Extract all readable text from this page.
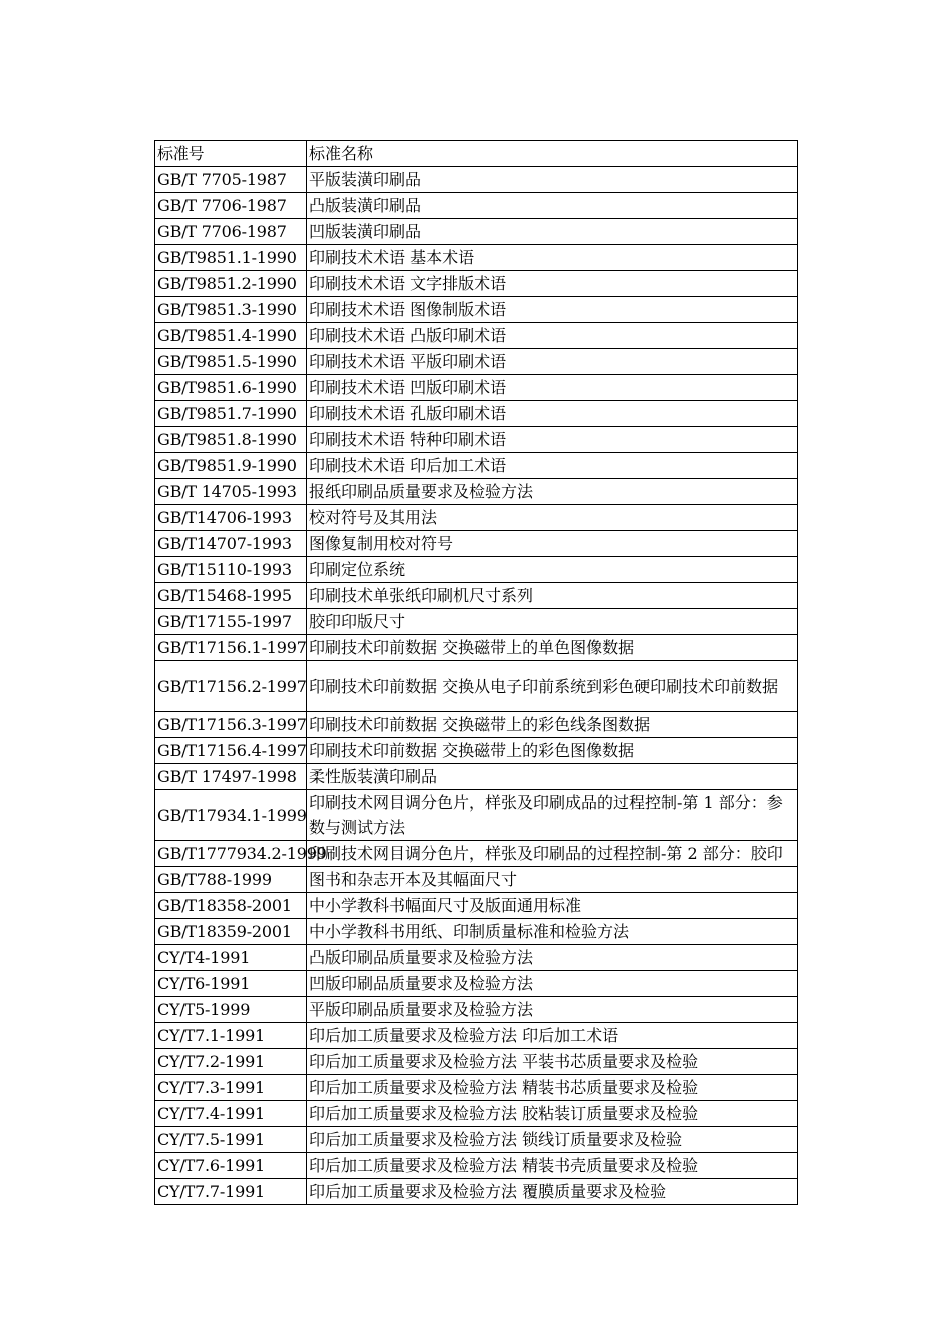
标准号	标准名称
GB/T 7705-1987	平版装潢印刷品
GB/T 7706-1987	凸版装潢印刷品
GB/T 7706-1987	凹版装潢印刷品
GB/T9851.1-1990	印刷技术术语 基本术语
GB/T9851.2-1990	印刷技术术语 文字排版术语
GB/T9851.3-1990	印刷技术术语 图像制版术语
GB/T9851.4-1990	印刷技术术语 凸版印刷术语
GB/T9851.5-1990	印刷技术术语 平版印刷术语
GB/T9851.6-1990	印刷技术术语 凹版印刷术语
GB/T9851.7-1990	印刷技术术语 孔版印刷术语
GB/T9851.8-1990	印刷技术术语 特种印刷术语
GB/T9851.9-1990	印刷技术术语 印后加工术语
GB/T 14705-1993	报纸印刷品质量要求及检验方法
GB/T14706-1993	校对符号及其用法
GB/T14707-1993	图像复制用校对符号
GB/T15110-1993	印刷定位系统
GB/T15468-1995	印刷技术单张纸印刷机尺寸系列
GB/T17155-1997	胶印印版尺寸
GB/T17156.1-1997	印刷技术印前数据 交换磁带上的单色图像数据
GB/T17156.2-1997	印刷技术印前数据 交换从电子印前系统到彩色硬印刷技术印前数据
GB/T17156.3-1997	印刷技术印前数据 交换磁带上的彩色线条图数据
GB/T17156.4-1997	印刷技术印前数据 交换磁带上的彩色图像数据
GB/T 17497-1998	柔性版装潢印刷品
GB/T17934.1-1999	印刷技术网目调分色片，样张及印刷成品的过程控制-第 1 部分：参数与测试方法
GB/T1777934.2-1999	印刷技术网目调分色片，样张及印刷品的过程控制-第 2 部分：胶印
GB/T788-1999	图书和杂志开本及其幅面尺寸
GB/T18358-2001	中小学教科书幅面尺寸及版面通用标准
GB/T18359-2001	中小学教科书用纸、印制质量标准和检验方法
CY/T4-1991	凸版印刷品质量要求及检验方法
CY/T6-1991	凹版印刷品质量要求及检验方法
CY/T5-1999	平版印刷品质量要求及检验方法
CY/T7.1-1991	印后加工质量要求及检验方法 印后加工术语
CY/T7.2-1991	印后加工质量要求及检验方法 平装书芯质量要求及检验
CY/T7.3-1991	印后加工质量要求及检验方法 精装书芯质量要求及检验
CY/T7.4-1991	印后加工质量要求及检验方法 胶粘装订质量要求及检验
CY/T7.5-1991	印后加工质量要求及检验方法 锁线订质量要求及检验
CY/T7.6-1991	印后加工质量要求及检验方法 精装书壳质量要求及检验
CY/T7.7-1991	印后加工质量要求及检验方法 覆膜质量要求及检验
